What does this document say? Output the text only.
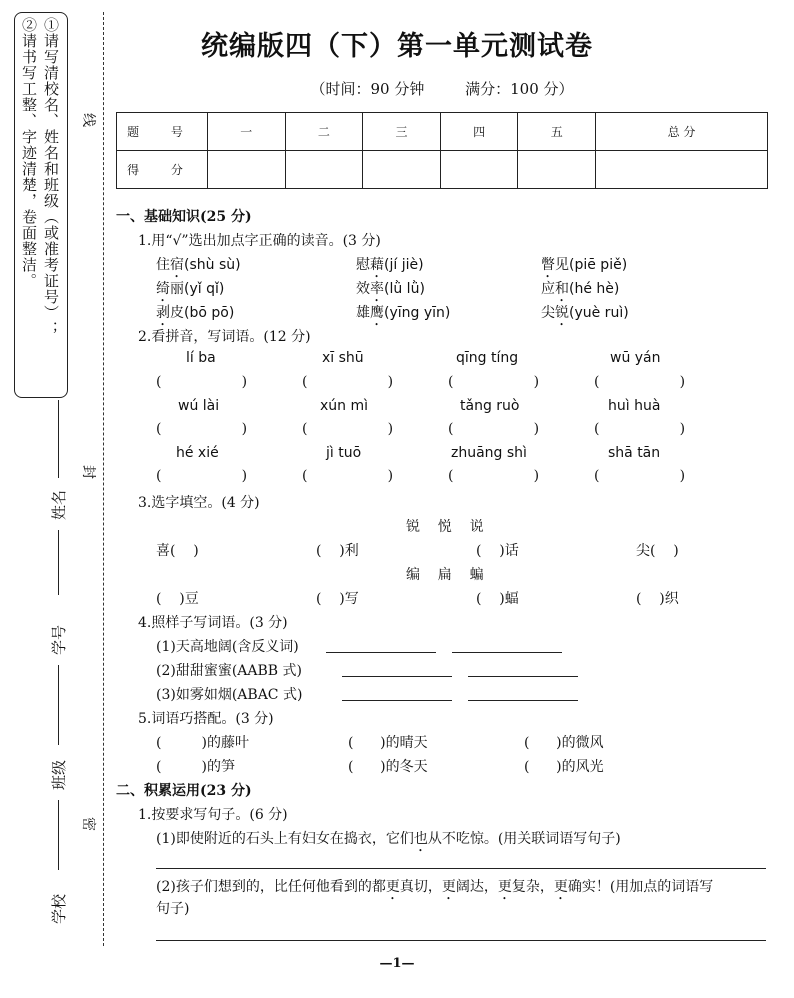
①请写清校名、姓名和班级（或准考证号）；
②请书写工整、字迹清楚，卷面整洁。
姓名
学号
班级
学校
线
封
密
统编版四（下）第一单元测试卷
（时间：90 分钟	满分：100 分）
题 号	一	二	三	四	五	总 分
得 分						
一、基础知识(25 分)
1.用“√”选出加点字正确的读音。(3 分)
住宿(shù sù)	慰藉(jí jiè)	瞥见(piē piě)
绮丽(yǐ qǐ)	效率(lǜ lǜ)	应和(hé hè)
剥皮(bō pō)	雄鹰(yīng yīn)	尖锐(yuè ruì)
2.看拼音，写词语。(12 分)
lí ba	xī shū	qīng tíng	wū yán
(                  )	(                  )	(                  )	(                  )
wú lài	xún mì	tǎng ruò	huì huà
(                  )	(                  )	(                  )	(                  )
hé xié	jì tuō	zhuāng shì	shā tān
(                  )	(                  )	(                  )	(                  )
3.选字填空。(4 分)
锐    悦    说
喜(    )	(    )利	(    )话	尖(    )
编    扁    蝙
(    )豆	(    )写	(    )蝠	(    )织
4.照样子写词语。(3 分)
(1)天高地阔(含反义词)
(2)甜甜蜜蜜(AABB 式)
(3)如雾如烟(ABAC 式)
5.词语巧搭配。(3 分)
(         )的藤叶	(      )的晴天	(      )的微风
(         )的笋	(      )的冬天	(      )的风光
二、积累运用(23 分)
1.按要求写句子。(6 分)
(1)即使附近的石头上有妇女在捣衣，它们也从不吃惊。(用关联词语写句子)
(2)孩子们想到的，比任何他看到的都更真切，更阔达，更复杂，更确实！(用加点的词语写
句子)
—1—
